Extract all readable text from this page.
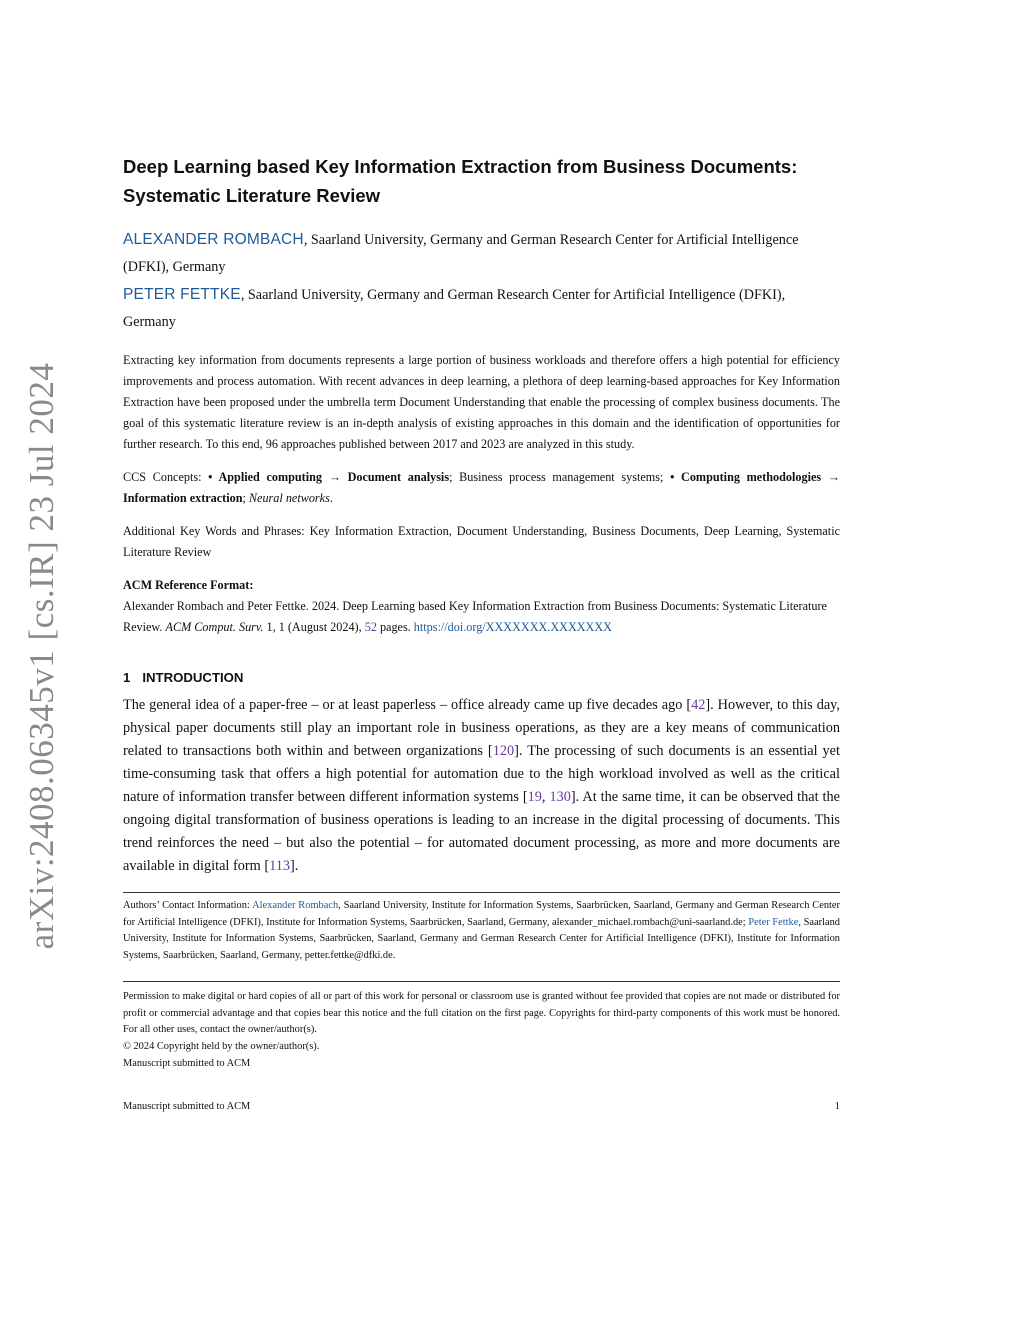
arXiv:2408.06345v1 [cs.IR] 23 Jul 2024
Deep Learning based Key Information Extraction from Business Documents:
Systematic Literature Review
ALEXANDER ROMBACH, Saarland University, Germany and German Research Center for Artificial Intelligence (DFKI), Germany
PETER FETTKE, Saarland University, Germany and German Research Center for Artificial Intelligence (DFKI), Germany
Extracting key information from documents represents a large portion of business workloads and therefore offers a high potential for efficiency improvements and process automation. With recent advances in deep learning, a plethora of deep learning-based approaches for Key Information Extraction have been proposed under the umbrella term Document Understanding that enable the processing of complex business documents. The goal of this systematic literature review is an in-depth analysis of existing approaches in this domain and the identification of opportunities for further research. To this end, 96 approaches published between 2017 and 2023 are analyzed in this study.
CCS Concepts: • Applied computing → Document analysis; Business process management systems; • Computing methodologies → Information extraction; Neural networks.
Additional Key Words and Phrases: Key Information Extraction, Document Understanding, Business Documents, Deep Learning, Systematic Literature Review
ACM Reference Format:
Alexander Rombach and Peter Fettke. 2024. Deep Learning based Key Information Extraction from Business Documents: Systematic Literature Review. ACM Comput. Surv. 1, 1 (August 2024), 52 pages. https://doi.org/XXXXXXX.XXXXXXX
1 INTRODUCTION
The general idea of a paper-free – or at least paperless – office already came up five decades ago [42]. However, to this day, physical paper documents still play an important role in business operations, as they are a key means of communication related to transactions both within and between organizations [120]. The processing of such documents is an essential yet time-consuming task that offers a high potential for automation due to the high workload involved as well as the critical nature of information transfer between different information systems [19, 130]. At the same time, it can be observed that the ongoing digital transformation of business operations is leading to an increase in the digital processing of documents. This trend reinforces the need – but also the potential – for automated document processing, as more and more documents are available in digital form [113].
Authors’ Contact Information: Alexander Rombach, Saarland University, Institute for Information Systems, Saarbrücken, Saarland, Germany and German Research Center for Artificial Intelligence (DFKI), Institute for Information Systems, Saarbrücken, Saarland, Germany, alexander_michael.rombach@uni-saarland.de; Peter Fettke, Saarland University, Institute for Information Systems, Saarbrücken, Saarland, Germany and German Research Center for Artificial Intelligence (DFKI), Institute for Information Systems, Saarbrücken, Saarland, Germany, petter.fettke@dfki.de.

Permission to make digital or hard copies of all or part of this work for personal or classroom use is granted without fee provided that copies are not made or distributed for profit or commercial advantage and that copies bear this notice and the full citation on the first page. Copyrights for third-party components of this work must be honored. For all other uses, contact the owner/author(s).

© 2024 Copyright held by the owner/author(s).

Manuscript submitted to ACM

Manuscript submitted to ACM	1
